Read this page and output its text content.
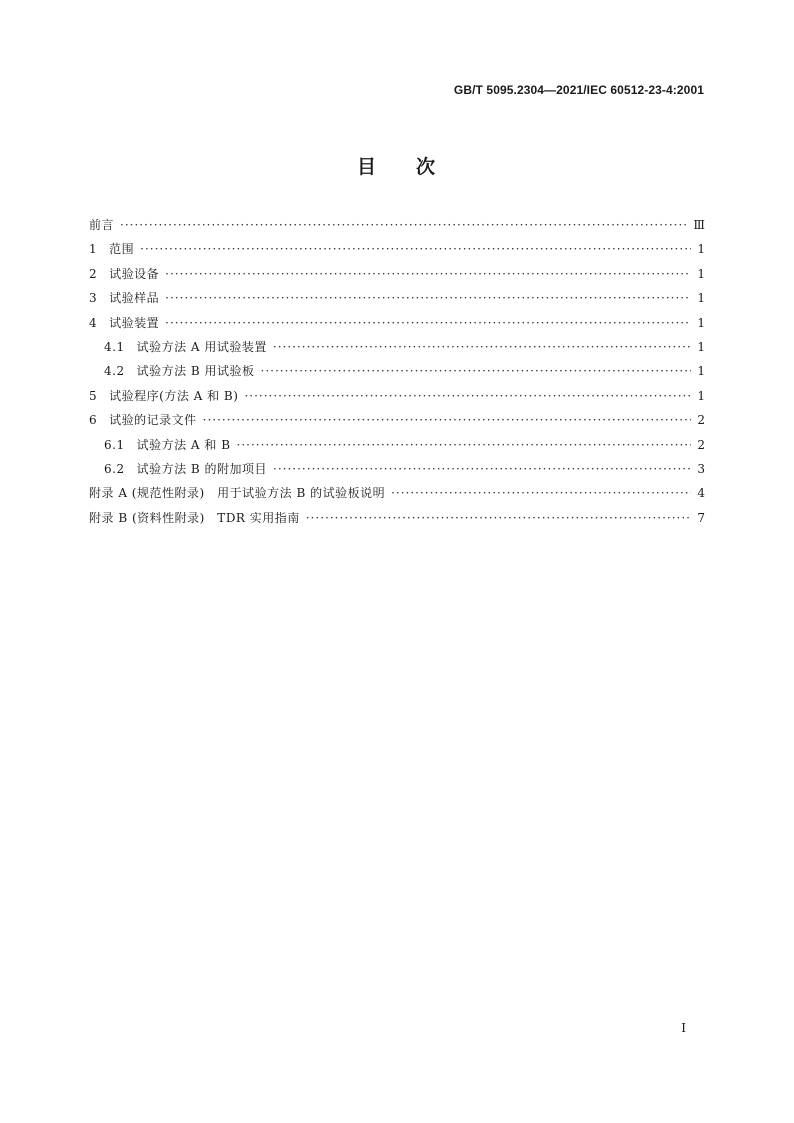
GB/T 5095.2304—2021/IEC 60512-23-4:2001
目 次
前言 ·····	Ⅲ
1 范围 ·····	1
2 试验设备 ·····	1
3 试验样品 ·····	1
4 试验装置 ·····	1
4.1 试验方法 A 用试验装置 ·····	1
4.2 试验方法 B 用试验板 ·····	1
5 试验程序(方法 A 和 B) ·····	1
6 试验的记录文件 ·····	2
6.1 试验方法 A 和 B ·····	2
6.2 试验方法 B 的附加项目 ·····	3
附录 A (规范性附录)　用于试验方法 B 的试验板说明 ·····	4
附录 B (资料性附录)　TDR 实用指南 ·····	7
I
